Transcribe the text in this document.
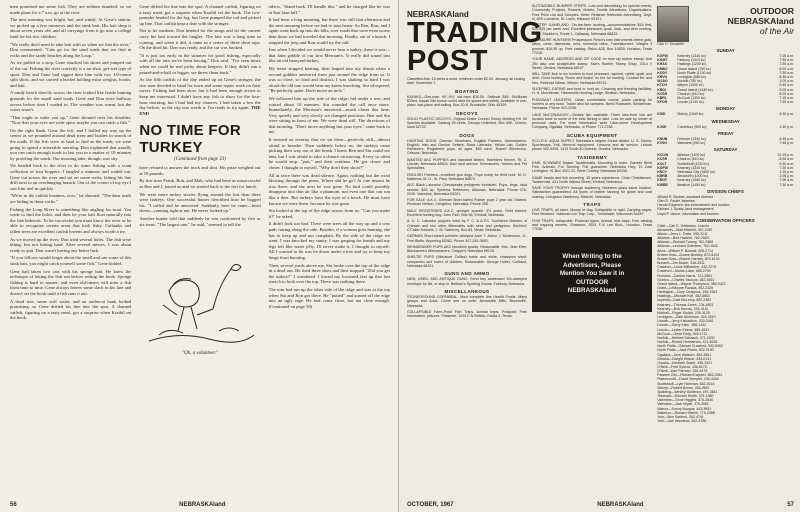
men promised me some fish. They are seldom skunked, so we made plans for a 7 a.m. go at the river.

The next morning was bright, hot, and windy. At Gene's station, we picked up a few minnows and the stink bait. His bait shop is about seven years old, and all carryings from it go into a college fund for his two children.

"We really don't need to take bait with us when we fish the river," Don commented. "Cuts go for the sand toads that we find in rocks and the sandy beaches along the Loup."

As we pulled to a stop, Gene shucked his shoes and jumped out of the car. Fishing the river correctly is a no-shoe, get-wet type of sport. Don and Gene had rigged their line with two 1/0-ounce split shots, and we carried a bucket holding extra weights, hooks, and bait.

A sandy beach directly across the river looked like fertile hunting grounds for the small sand toads. Gene and Don were halfway across before time I waded in. The weather was warm, but the water wasn't.

"That ought to wake you up," Gene shouted over his shoulder. "Now that your eyes are wide open, maybe you can catch a fish."

On the right flank, Gene the left, and I holled my way up the center as we pounded around dead trees and bushes in search of the toads. If the fish were as hard to find as the toads, we were going to spend a miserable morning. Don explained that usually you can catch enough toads to last you in a matter of 10 minutes by prowling the sands. Our morning take, though, was shy.

We headed back to the river to do some fishing with a scant collection of four hoppers. I tangled a minnow and waded out. Gene cut across the river and sat on some rocks, letting his line drift next to an overhanging branch. Out of the corner of my eye I saw him reel in quickly.

"We're in the catfish business, now," he shouted. "The darn toads are hiding in these rocks."

Fishing the Loup River is something like angling for trout. You wade to find the holes, and then let your bait float naturally into the fish hideouts. To be successful you must know the river or be able to recognize certain areas that look fishy. Cutbanks and fallen trees are excellent catfish havens and always worth a try.

As we moved up the river, Don tried several holes. The fish were biting, but not hitting hard. After several misses, I was about ready to quit. Don wasn't having any better luck.

"If you fellows would forget about the smell and use some of this stink bait, you might catch yourself some fish," Gene kidded.

Gene had taken two cats with his sponge bait. He knew the technique of letting the fish run before setting the hook. Sponge fishing is hard to master, and even old-timers will miss a fish from time to time. Gene always leaves some slack in his line and doesn't set the hook until a fish runs it out.

A dead tree, some stiff water, and an undercut bank looked promising, so Gene drifted his line into the spot. A channel catfish, figuring on a tasty meal, got a surprise when Kraibil set the hook.

Gene drifted his line into the spot. A channel catfish, figuring on a tasty meal, got a surprise when Kraibil set the hook. The two-pounder headed for the log, but Gene pumped the rod and picked up line. That catfish kept a date with the stringer.

Not to be outdone, Don headed for the snags and let the current carry his bait toward the tangles. The bite was a long time in coming, and when it did, it came in a series of three short taps. On the third hit, Don was ready, and the cat was hooked.

"It is just too early in the summer for good fishing, especially with all the rain we've been having," Don said. "I've seen times when we could be real picky about keepers. If they didn't run a pound-and-a-half or bigger, we threw them back."

As the fifth catfish of the day ended up on Gene's stringer, the two men decided to head for town and some repair work on their racers. Fishing had been slow, but it had been enough action to keep me interested. I didn't have any fish to show for the four-hour morning, but I had had my chances. I had taken a few the day before, so the trip was worth it. I'm ready to try again. THE END

NO TIME FOR TURKEY
(Continued from page 33)

have refused to answer the truck and shot. His prize weighed out at 18 pounds.

By this time Frank, Bob, and Mah, who had been as unsuccessful as Ben and I, joined us and we started back to the fort for lunch.

We were more turkey stories flying around the fort than there were turkeys. One successful hunter described how he bagged his. "I called and he answered. Suddenly, here he came—head down—running right at me. He never looked up."

Another hunter told that suddenly he was confronted by five or six toms. "The largest one," he said, "seemed to tell the

"Oh, a volunteer."

others, "Stand back, I'll handle this," and he charged like he was at San Juan hill."

It had been a long morning, but there was still that afternoon and the next morning before we had to start home. So Ben, Ron, and I again went back up into the hills, over roads that were even worse than those we had traveled that morning. Finally, out of a hunch, I stopped the jeep and Ron would try the call.

Just when I decided we would never hear a turkey, there it was—that faint gobble of our first Merriam's. It really did sound just like an old barnyard turkey.

My heart stopped beating, then leaped into my throat when a second gobbler answered from just around the ridge from us. It was so close, so loud and distinct, I was shaking so hard I was afraid the old tom would hear my knees knocking. Stu whispered, "Be perfectly quiet. Don't move an inch."

We followed him up the side of the ridge, hid under a tree, and waited about 10 minutes. Stu sounded the call once more. Immediately, the Merriam's answered—much closer this time. Very quietly and very slowly we changed positions. Ben and Stu were sitting in front of me. We were dead still. The directions of that morning, "Don't move anything but your eyes," came back to me.

It seemed an eternity that we sat there—perfectly still—almost afraid to breathe. Then suddenly below us, the turkeys came picking their way out of the brush. I knew Ben and Stu could see him, but I was afraid to take a chance on moving. Every so often he would stop, "putt," and then continue. He got closer and closer. I thought to myself, "Why don't they shoot?"

All at once there was dead silence. Again, nothing but the wind blowing through the pines. Where did he go? At one instant he was there, and the next he was gone. No bird could possibly disappear into thin air like a phantom, not even one that can run like a deer. But turkeys have the eyes of a hawk. He must have known we were there, because he was gone.

Stu looked at the top of the ridge across from us. "Can you make it?" he asked.

It didn't look too bad. There were trees all the way up and a cow path cutting along the side. Besides, if a woman goes hunting, she has to keep up and not complain. By the side of the ridge we went. I was knocked my sanity. I was gasping for breath and my legs felt like water jelly. I'll never make it, I thought to myself. All I wanted to do was lie down under a tree and try to keep my lungs from bursting.

Then, several yards above me, Stu broke over the top of the ridge in a dead run. He fired three shots and then stopped. "Did you get the turkey?" I wondered. I forced my loosened feet up that last stretch to look over the top. There was nothing there.

The tom had run up the other side of the ridge and was at the top when Stu and Ron got there. He "putted" and soared off the edge into an ugly rage. He had come close, but not close enough. (Continued on page 58)

56	NEBRASKAland
NEBRASKAland
TRADING
POST
Classified Ads: 15 cents a word, minimum order $2.00. January, all closing date. November 1
BOATING

KAYAKS—One-man 99"–9½' low-ham $34.50. Sailboat $45. Ski/Boats $15ea. Kayak Kits known world wide for speed and safety. Available in one-place, two-place and sailing. Box 20-N, Brookville, Ohio 45309.

DECOYS

SOLID PLASTIC DECOYS. Original Drake Curved Decoy Molding Kit. 50 Species Available. Catalog 25 cents. Decoys Unlimited, Box 69E, Clinton, Iowa 52732.

DOGS

HUNTING DOGS: German Shorthairs, English Pointers, Weimaraners. English, Irish and Gordon Setters. Black Labrador, Yellow Lab, Golden Retrievers. Registered pups, all ages. $50 each. Robert Stevenson, Orleans, Nebraska.

WANTED AKC PUPPIES and standard kittens. Ramblers Kennel, Rt. 2, Lincoln, Nebraska 68503. Also stud service. Schnauzers, Yorkies and Pet Specialties.

ENGLISH Pointers—excellent gun dogs. Pups ready for field hunt. M. D. Mathews, M. D., St. Paul, Nebraska 68873.

AKC Black Labrador Chesapeake pedigrees furnished. Pups, dogs, stud service. $35 up. Systems Retrievers, Alfonsas, Nebraska. Phone 376-2030. Valentine, Nebraska 69201.

FOR SALE: A.K.C. German Short-haired Pointer pups 2 year old. Started. Pindexer Nelson, Creighton, Nebraska. Phone 358.

MALE REGISTERED A.K.C. springer spaniel. 3½ years. Field trained. Excellent hunting dog. John Rich, Box 56, Kimball, Nebraska.

A. K. C. Labrador puppies sired by F. C. & A.F.C. Sunhaven Maestro of Chessie and two other littermates with sires and pedigrees. Kirchhof, C'Caller Kennels, J. M. Sweeney, Box 83, Mead, Nebraska.

GERMAN Short-haired pointers whelped June 7. Arthur J. Mortenson, Jr., Fine Bluffs, Wyoming 82082. Phone 307-245-3683.

WEIMARANER PUPS AKC bloodline quality. Reasonable. Mrs. Jean Eiter, Blackacres's Weimaraners, Chappell, Nebraska 69129.

SHELTIE PUPS (Miniature Collies) sable and white, champion sired, companion and lovers of children. Reasonable. George Hutter, Cortland, Nebraska 68331.

GUNS AND AMMO

NEW, USED, AND ANTIQUE GUNS. Send buy addressed 10c-stamped envelope for list, or stop in. Bedlam's Sporting Goods, Fairbury, Nebraska.

MISCELLANEOUS

STONEGROUND CORNMEAL. Most complete line Health Foods. Many groups and Adds. Come see us write. Brownville Mills, Brownville, Nebraska.

COLLAPSIBLE Farm-Pond Fish Traps. Animal traps. Postpaid. Free information, pictures. Shawnee, 3934 F-N Buffalo, Dallas 4, Texas.

AUTOMOBILE BUMPER STRIPS. Low-cost advertising for special events, Community Projects, Resorts, Motels, Tourist Attractions, Organizations. Free Price List and Samples. Write: Reliance Reflective Advertising, Dept. N, 803 Locustvia, St. Louis, Missouri 63101.

CUSTER GAMELAND. On-the-farm hunting—accommodations $15 first, $20-$25 per week and. Excellent pheasant, quail, duck, and deer hunting. Write: Sheldon's, Route 1, Callaway, Nebraska 68825.

TREASURE HUNTERS! Prospectors! Relco's new instruments detect gold, silver, coins, diamonds, ores, historical relics. Transistorized. Weighs 3 pounds. $19.95 up. Free catalog. Relco-A28, Box 10839, Houston, Texas 77018.

YOUR NAME, ADDRESS AND ZIP CODE on new zip rubber stamp. And 25c also one straight-line stamp. Star's Rubber Stamp Shop, 3314 Y Street, Omaha, Nebraska 68107.

WILL TAKE four or six hunters to hunt pheasant, squirrel, rabbit, quail, and deer. Good hunting. Room and board, no fee for hunting. Contact Mr. and Mrs. Reinhold Wiese, Wisner, Nebraska 68791.

SLEEPING, EATING and food to hunt on. Cleaning and freezing facilities. H. H. Murrelmaie, Hickamolls Hunting Lodge, Stratton, Nebraska.

PHEASANT HUNTERS. Clean comfortable rooms, plane parking for hunters or any town. Trailer also for campers. Bend Robbards, Benkelman, Nebraska. Phone 423-2236.

LAKE McCONAUGHY—Deadly fish available. Three lake-front lots are located back to some of the best fishing in lake. Lots for sale by owner of personal uses. For more information write Lake-shore Development Company, Ogallala, Nebraska, or Phone 771-2788.

SCUBA EQUIPMENT

SCO-R.K. AQUA SUPPLY Nebraska's largest Scuba dealer. U. S. Divers, Sportsways, Voit, Nemrod equipment. Lessons and air service. Lincoln phone 502-9495; 1413 South 40 Avenue, Omaha, Nebraska.

TAXIDERMY

EARL SCHWARZ Master Taxidermists. Mounting to order. Gamble Birds Fish. Animals. Fur Tanning. Full guarantee. Nebraska Hwy. 19 East Lexington. 91-Box 4321-22, West Charley, Nebraska 69336.

GAME heads and fish mounting. 45 years experience. Chas Christiansen, Taxidermist, 421 North Walnut Street, Kimball, Nebraska.

SAVE YOUR TROPHY through taxidermy. Nineteen years same location. Satisfaction guaranteed. All types of leather tanning for glove and coat making. Livingston Taxidermy, Mitchell, Nebraska.

TRAPS

LIVE TRAPS, all sizes. Mouse to dog. Collapsible or rigid. Carrying cages. Free literature. National Live Trap Corp., Tomahawk, Wisconsin 54487.

FISH TRAPS, collapsible. Postman types. Animal, bird traps. Free catalog and trapping secrets. Shawnee, 3934 F-N Lee Blvd., Houston, Texas 77036.

When Writing to the
Advertisers, Please
Mention You Saw it in
OUTDOOR
NEBRASKAland
Dick H. Schaeffer
OUTDOOR
NEBRASKAland
of the Air
SUNDAY
KGFW	Kearney (1340 kc)	7:05 a.m.
KGMT	Fairbury (1310 kc)	7:30 a.m.
KHAS	Hastings (1230 kc)	7:30 a.m.
KMMJ	Grand Island (750 kc)	8:00 a.m.
KODY	North Platte (1240 kc)	7:30 a.m.
KRVN	Lexington (880 kc)	8:30 a.m.
WJAG	Norfolk (780 kc)	1:00 p.m.
KTCH	Wayne (1590 kc)	9:45 a.m.
KRGI	Grand Island (1430 kc)	9:00 a.m.
KCSR	Chadron (610 kc)	8:00 a.m.
KBRL	McCook (1300 kc)	7:15 a.m.
KFOR	Lincoln (1240 kc)	7:30 a.m.
MONDAY
KSID	Sidney (1340 kc)	4:30 p.m.
WEDNESDAY
KJSK	Columbus (900 kc)	1:30 p.m.
FRIDAY
KHUB	Fremont (1340 kc)	6:45 p.m.
KVSH	Valentine (940 kc)	7:45 p.m.
SATURDAY
KCOW	Alliance (1400 kc)	12:15 p.m.
KCSR	Chadron (610 kc)	8:45 a.m.
KOLT	Scottsbluff (1320 kc)	9:30 a.m.
KGFW	Kearney (1340 kc)	7:30 a.m.
KNCY	Nebraska City (1600 kc)	1:15 p.m.
KBRB	Ainsworth (1400 kc)	1:05 p.m.
KRNY	Kearney (1460 kc)	7:05 a.m.
KWBE	Beatrice (1450 kc)	7:30 a.m.
DIVISION CHIEFS
Willard R. Barbee, assistant director
Glen R. Foster, fisheries
Harold Edgerton, law enforcement and tourism
Richard J. Spady, land management
Lloyd P. Vance, information and tourism
CONSERVATION OFFICERS
Chief—Carl E. Gettmann, Lincoln
Ainsworth—Walt Mitchell, 387-1087
Albion—Jerry L. Delta, 395-2211
Alliance—Burt Hackler, 762-2563
Alliance—Richard Turney, 762-2885
Alliance—Leonard Guenther, 762-1542
Alma—William P. Bonsall, 928-2714
Broken Bow—Duane Bentley, 872-5124
Broken Bow—Robert Harnley, 872-6130
Burwell—Jim Bower, 346-2511
Chadron—Louis Wilharrine, 432-2275
Crawford—Marvin Lake, 665-2700
Fremont—Carlton Harris, 721-3581
Gordon—Charles Yacious, 282-3461
Grand Island—Wayne Thompson, 384-9422
Grant—LeMoyne Fauska, 352-2426
Hartington—Larry Chappius, 254-3361
Hastings—Michael Kiel, 462-5861
Imperial—Dale McLeroy, 882-2381
Kearney—Thomas Jones, 234-4821
Kearney—Bob Kerney, 234-4111
Kimball—Roger Stulick, 235-3125
Lexington—Dale Mohrman, 324-3510
Lincoln—Jerry Kiskaddon, 432-2461
Lincoln—Gerry Klein, 488-1442
Lincoln—Lester Kriens, 489-1631
McCook—Gene Eddy, 345-1711
Norfolk—Herbert Schaack, 371-2000
Norfolk—Robert Hermstrom, 371-5616
North Platte—Samuel Crawford, 532-9962
North Platte—Jack Fisher, 532-0190
Ogallala—Jack Watsom, 284-3561
Omaha—Dwight Wilson, 334-0131
Omaha—Kenneth Stade, 455-1521
O'Neill—Fred Sykora, 336-6175
O'Neill—Dan Parman, 336-4475
Pawnee City—Richard Kappert, 852-2381
Plattsmouth—David Sempler, 296-4262
Scottsbluff—Lyle Hartman, 632-3016
Sidney—Robert Brown, 254-4567
Spalding—Wesley Guilleran, 497-3641
Tekamah—Edward Smith, 374-1080
Valentine—Gene Higgins, 376-2640
Valentine—Jack Wyatt, 376-2661
Wahoo—Sonny Baugus, 443-3981
Waterloo—Richard Hamm, 779-2388
York—Ben Sanford, 362-4741
York—Joel Woodrow, 362-4786
OCTOBER, 1967	NEBRASKAland	57
